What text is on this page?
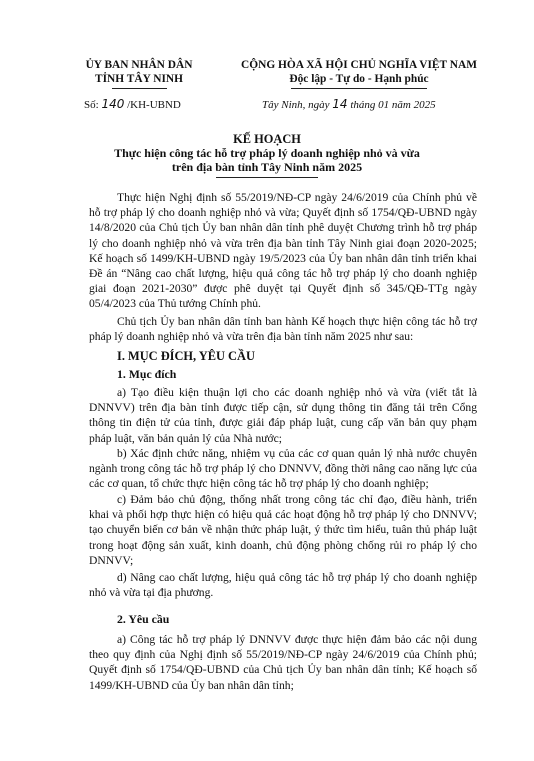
ỦY BAN NHÂN DÂN
TỈNH TÂY NINH
Số: 140 /KH-UBND
CỘNG HÒA XÃ HỘI CHỦ NGHĨA VIỆT NAM
Độc lập - Tự do - Hạnh phúc
Tây Ninh, ngày 14 tháng 01 năm 2025
KẾ HOẠCH
Thực hiện công tác hỗ trợ pháp lý doanh nghiệp nhỏ và vừa
trên địa bàn tỉnh Tây Ninh năm 2025

Thực hiện Nghị định số 55/2019/NĐ-CP ngày 24/6/2019 của Chính phủ về hỗ trợ pháp lý cho doanh nghiệp nhỏ và vừa; Quyết định số 1754/QĐ-UBND ngày 14/8/2020 của Chủ tịch Ủy ban nhân dân tỉnh phê duyệt Chương trình hỗ trợ pháp lý cho doanh nghiệp nhỏ và vừa trên địa bàn tỉnh Tây Ninh giai đoạn 2020-2025; Kế hoạch số 1499/KH-UBND ngày 19/5/2023 của Ủy ban nhân dân tỉnh triển khai Đề án “Nâng cao chất lượng, hiệu quả công tác hỗ trợ pháp lý cho doanh nghiệp giai đoạn 2021-2030” được phê duyệt tại Quyết định số 345/QĐ-TTg ngày 05/4/2023 của Thủ tướng Chính phủ.

Chủ tịch Ủy ban nhân dân tỉnh ban hành Kế hoạch thực hiện công tác hỗ trợ pháp lý doanh nghiệp nhỏ và vừa trên địa bàn tỉnh năm 2025 như sau:

I. MỤC ĐÍCH, YÊU CẦU
1. Mục đích

a) Tạo điều kiện thuận lợi cho các doanh nghiệp nhỏ và vừa (viết tắt là DNNVV) trên địa bàn tỉnh được tiếp cận, sử dụng thông tin đăng tải trên Cổng thông tin điện tử của tỉnh, được giải đáp pháp luật, cung cấp văn bản quy phạm pháp luật, văn bản quản lý của Nhà nước;

b) Xác định chức năng, nhiệm vụ của các cơ quan quản lý nhà nước chuyên ngành trong công tác hỗ trợ pháp lý cho DNNVV, đồng thời nâng cao năng lực của các cơ quan, tổ chức thực hiện công tác hỗ trợ pháp lý cho doanh nghiệp;

c) Đảm bảo chủ động, thống nhất trong công tác chỉ đạo, điều hành, triển khai và phối hợp thực hiện có hiệu quả các hoạt động hỗ trợ pháp lý cho DNNVV; tạo chuyển biến cơ bản về nhận thức pháp luật, ý thức tìm hiểu, tuân thủ pháp luật trong hoạt động sản xuất, kinh doanh, chủ động phòng chống rủi ro pháp lý cho DNNVV;

d) Nâng cao chất lượng, hiệu quả công tác hỗ trợ pháp lý cho doanh nghiệp nhỏ và vừa tại địa phương.

2. Yêu cầu

a) Công tác hỗ trợ pháp lý DNNVV được thực hiện đảm bảo các nội dung theo quy định của Nghị định số 55/2019/NĐ-CP ngày 24/6/2019 của Chính phủ; Quyết định số 1754/QĐ-UBND của Chủ tịch Ủy ban nhân dân tỉnh; Kế hoạch số 1499/KH-UBND của Ủy ban nhân dân tỉnh;
